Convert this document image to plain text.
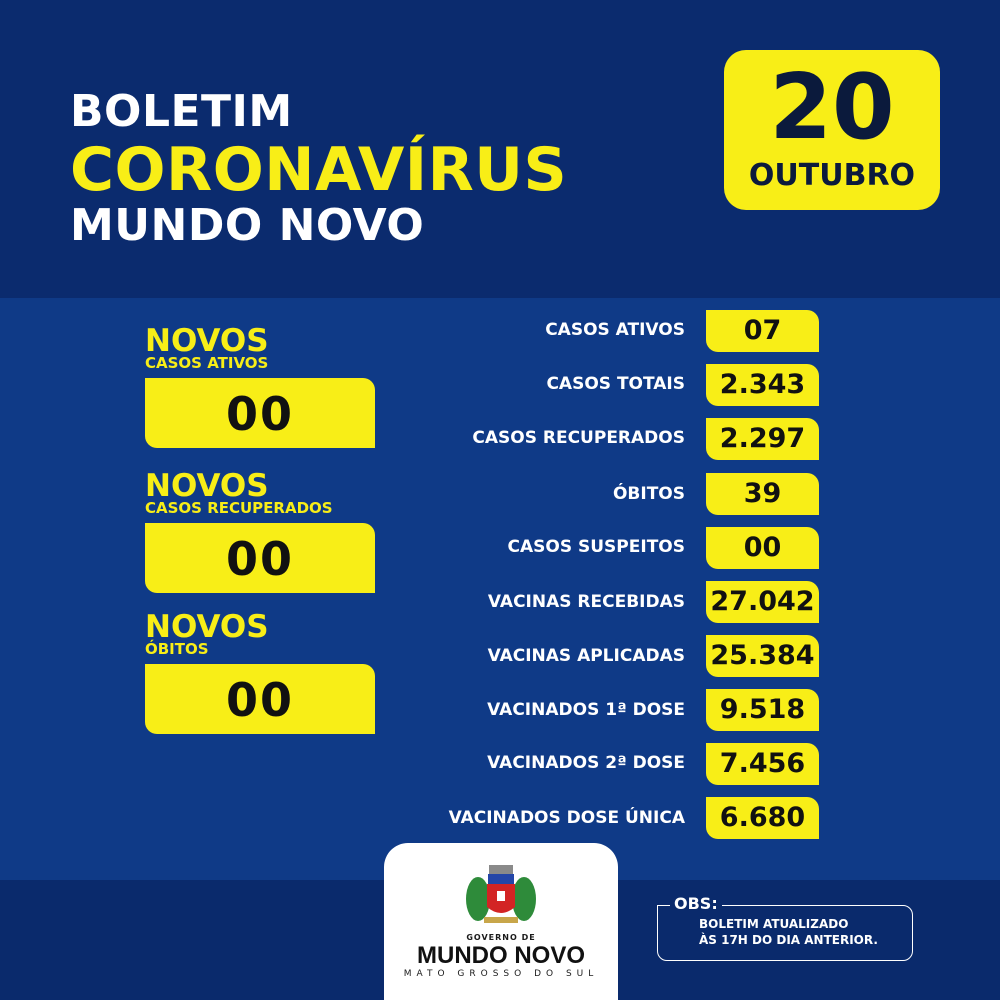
BOLETIM
CORONAVÍRUS
MUNDO NOVO
20
OUTUBRO
NOVOS
CASOS ATIVOS
00
NOVOS
CASOS RECUPERADOS
00
NOVOS
ÓBITOS
00
CASOS ATIVOS	07
CASOS TOTAIS	2.343
CASOS RECUPERADOS	2.297
ÓBITOS	39
CASOS SUSPEITOS	00
VACINAS RECEBIDAS 27.042
VACINAS APLICADAS 25.384
VACINADOS 1ª DOSE	9.518
VACINADOS 2ª DOSE	7.456
VACINADOS DOSE ÚNICA	6.680
GOVERNO DE
MUNDO NOVO
MATO GROSSO DO SUL
OBS:
BOLETIM ATUALIZADO
ÀS 17H DO DIA ANTERIOR.
